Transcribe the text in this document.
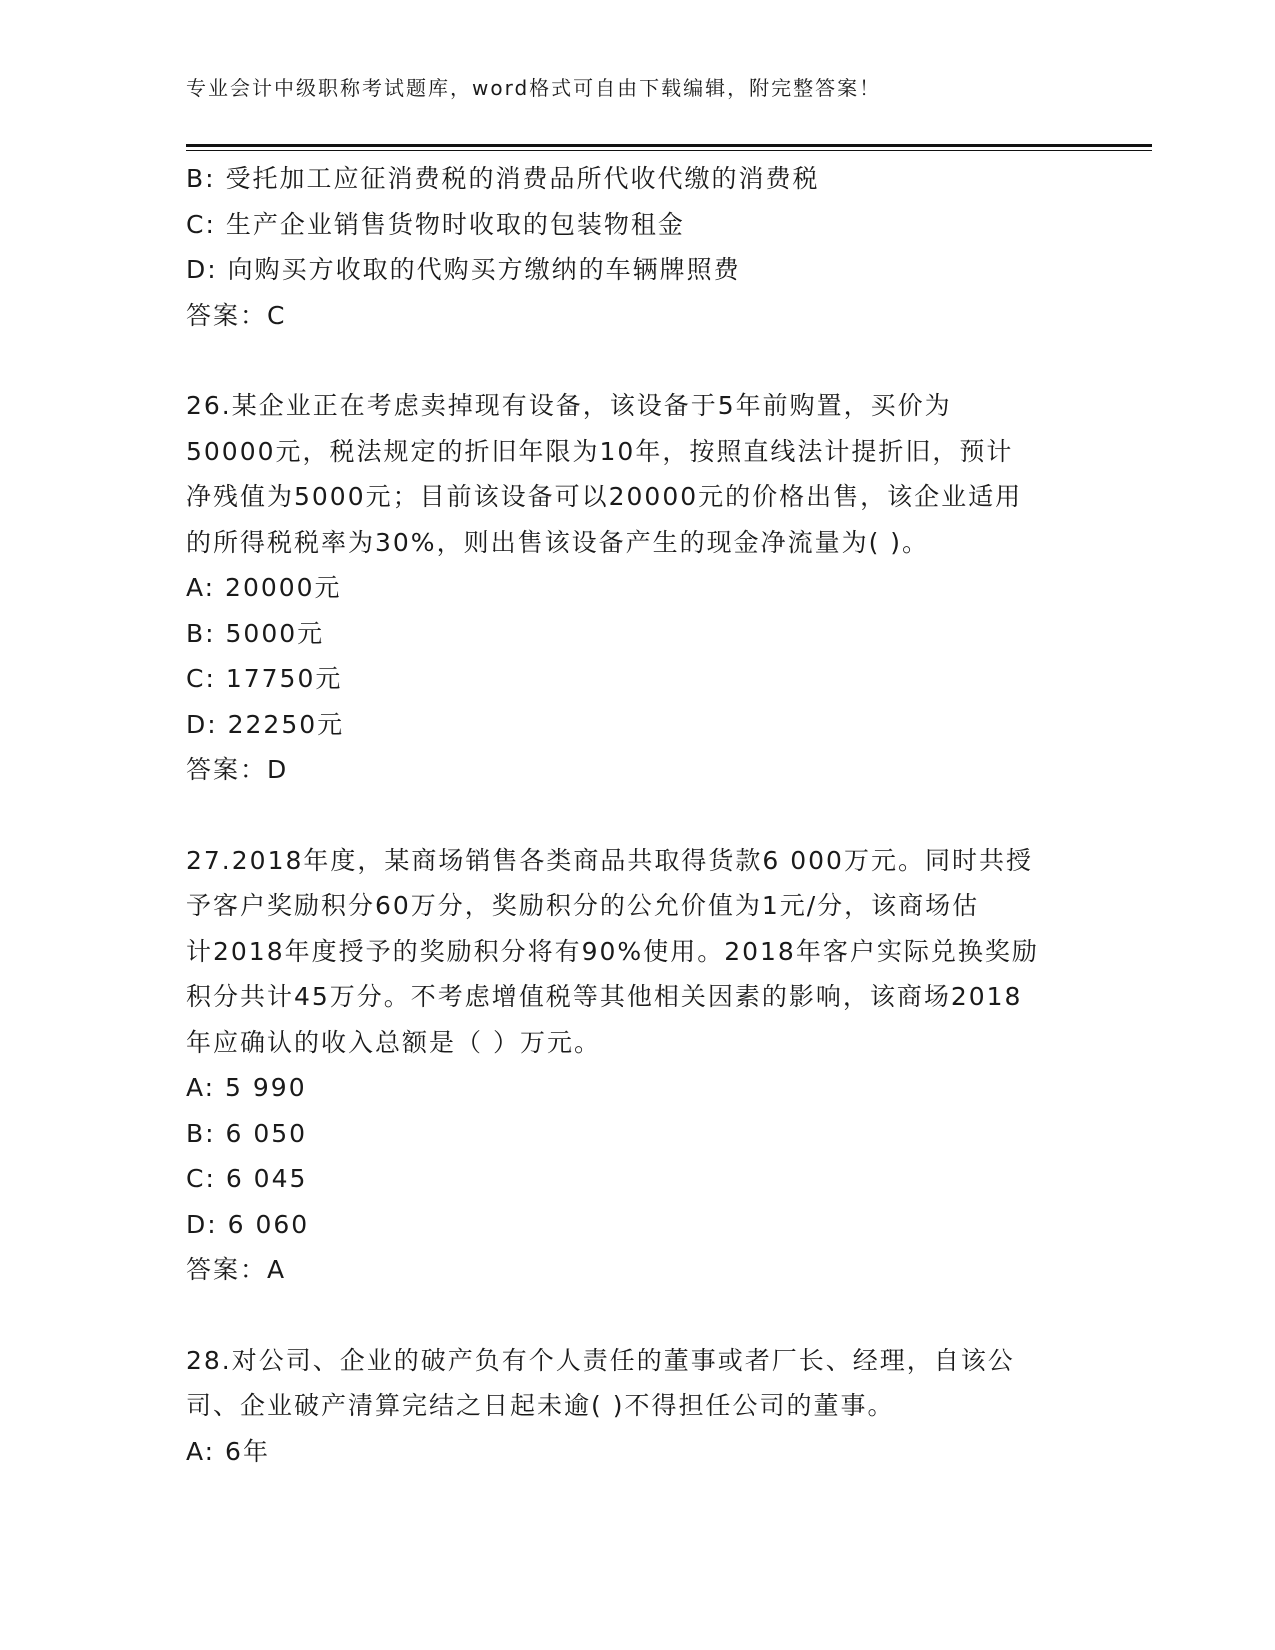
专业会计中级职称考试题库，word格式可自由下载编辑，附完整答案！
B: 受托加工应征消费税的消费品所代收代缴的消费税
C: 生产企业销售货物时收取的包装物租金
D: 向购买方收取的代购买方缴纳的车辆牌照费
答案：C
26.某企业正在考虑卖掉现有设备，该设备于5年前购置，买价为
50000元，税法规定的折旧年限为10年，按照直线法计提折旧，预计
净残值为5000元；目前该设备可以20000元的价格出售，该企业适用
的所得税税率为30%，则出售该设备产生的现金净流量为( )。
A: 20000元
B: 5000元
C: 17750元
D: 22250元
答案：D
27.2018年度，某商场销售各类商品共取得货款6 000万元。同时共授
予客户奖励积分60万分，奖励积分的公允价值为1元/分，该商场估
计2018年度授予的奖励积分将有90%使用。2018年客户实际兑换奖励
积分共计45万分。不考虑增值税等其他相关因素的影响，该商场2018
年应确认的收入总额是（ ）万元。
A: 5 990
B: 6 050
C: 6 045
D: 6 060
答案：A
28.对公司、企业的破产负有个人责任的董事或者厂长、经理，自该公
司、企业破产清算完结之日起未逾( )不得担任公司的董事。
A: 6年
